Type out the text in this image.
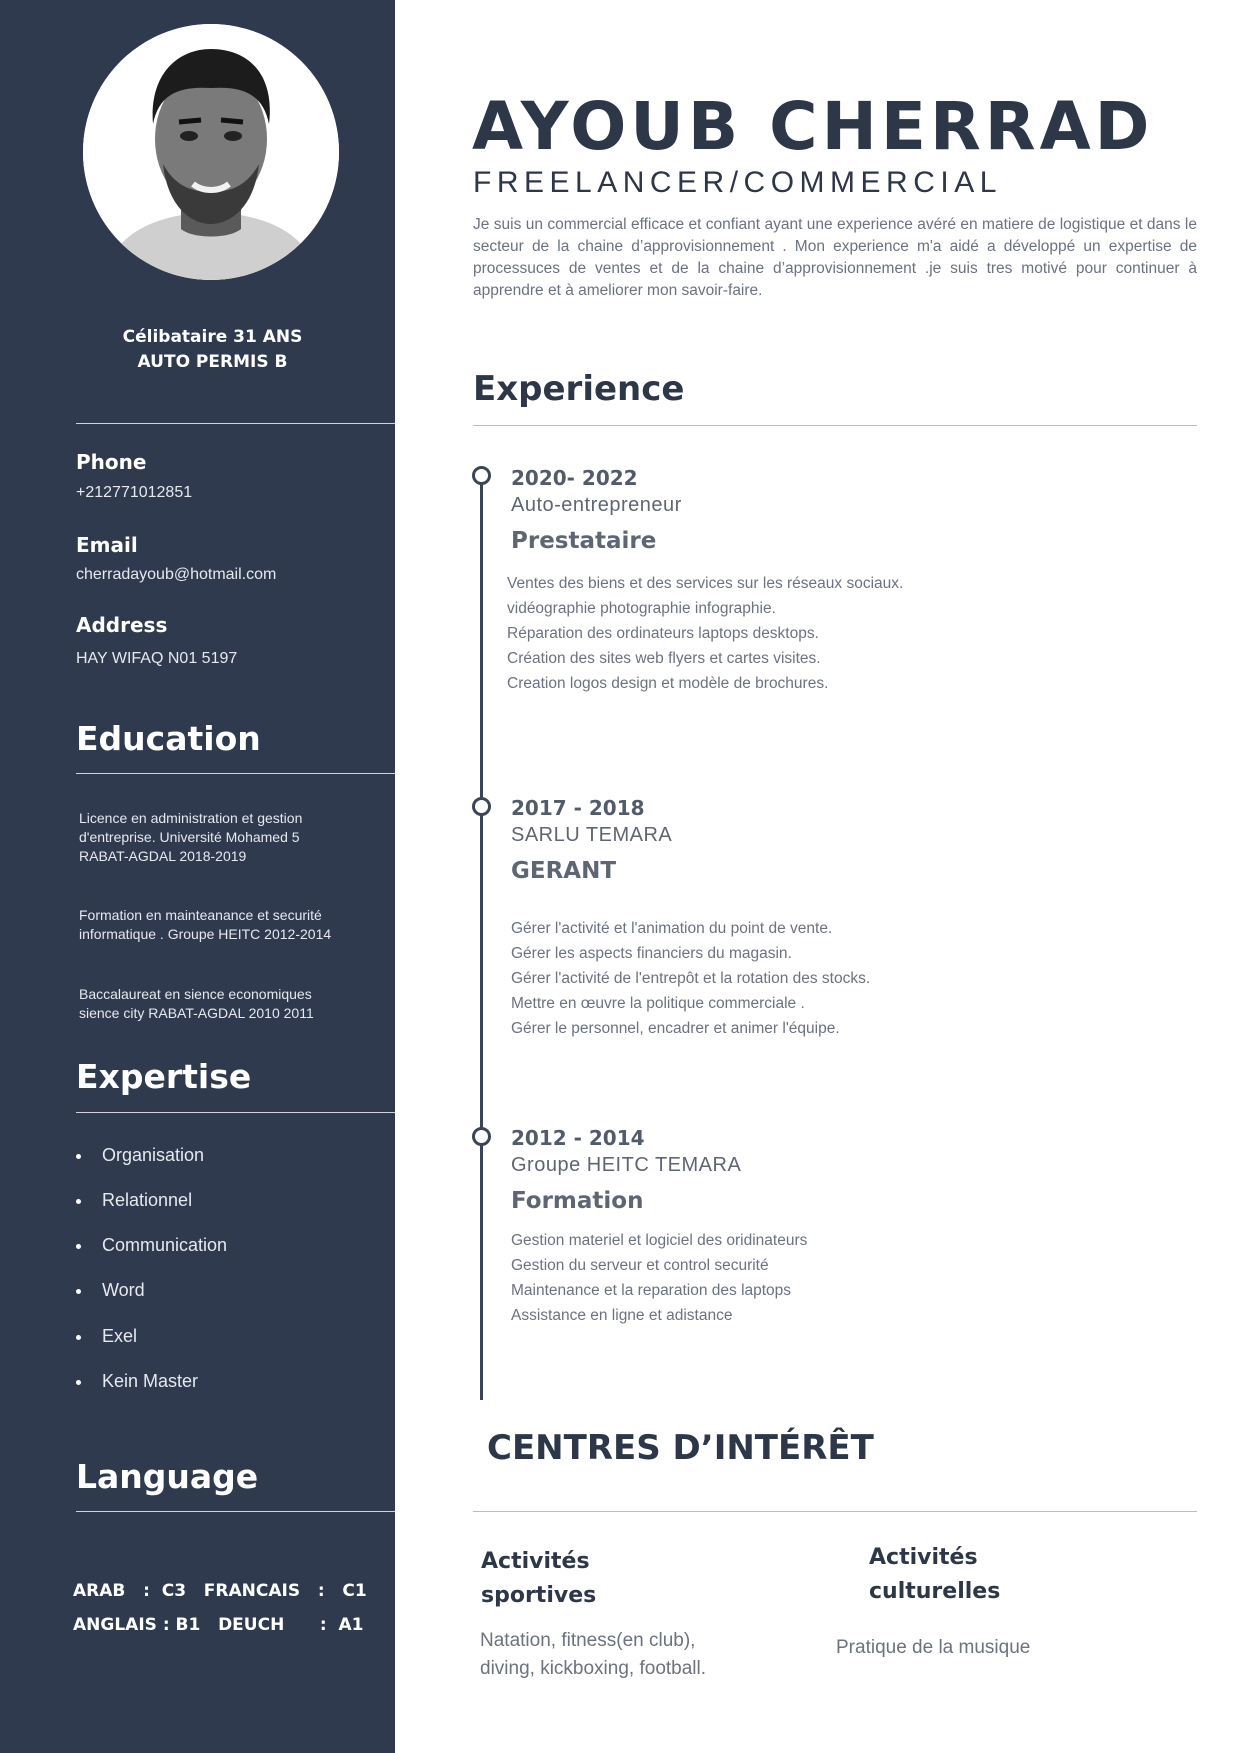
Célibataire 31 ANS
AUTO PERMIS B
Phone
+212771012851
Email
cherradayoub@hotmail.com
Address
HAY WIFAQ N01 5197
Education
Licence en administration et gestion
d'entreprise. Université Mohamed 5
RABAT-AGDAL 2018-2019
Formation en mainteanance et securité
informatique . Groupe HEITC 2012-2014
Baccalaureat en sience economiques
sience city RABAT-AGDAL 2010 2011
Expertise
Organisation
Relationnel
Communication
Word
Exel
Kein Master
Language
ARAB   :  C3   FRANCAIS   :   C1
ANGLAIS : B1   DEUCH      :  A1
AYOUB CHERRAD
FREELANCER/COMMERCIAL
Je suis un commercial efficace et confiant ayant une experience avéré en matiere de logistique et dans le secteur de la chaine d’approvisionnement . Mon experience m'a aidé a développé un expertise de processuces de ventes et de la chaine d’approvisionnement .je suis tres motivé pour continuer à apprendre et à ameliorer mon savoir-faire.
Experience
2020- 2022
Auto-entrepreneur
Prestataire
Ventes des biens et des services sur les réseaux sociaux.
vidéographie photographie infographie.
Réparation des ordinateurs laptops desktops.
Création des sites web flyers et cartes visites.
Creation logos design et modèle de brochures.
2017 - 2018
SARLU TEMARA
GERANT
Gérer l'activité et l'animation du point de vente.
Gérer les aspects financiers du magasin.
Gérer l'activité de l'entrepôt et la rotation des stocks.
Mettre en œuvre la politique commerciale .
Gérer le personnel, encadrer et animer l'équipe.
2012 - 2014
Groupe HEITC TEMARA
Formation
Gestion materiel et logiciel des oridinateurs
Gestion du serveur et control securité
Maintenance et la reparation des laptops
Assistance en ligne et adistance
CENTRES D’INTÉRÊT
Activités
sportives
Natation, fitness(en club),
diving, kickboxing, football.
Activités
culturelles
Pratique de la musique
